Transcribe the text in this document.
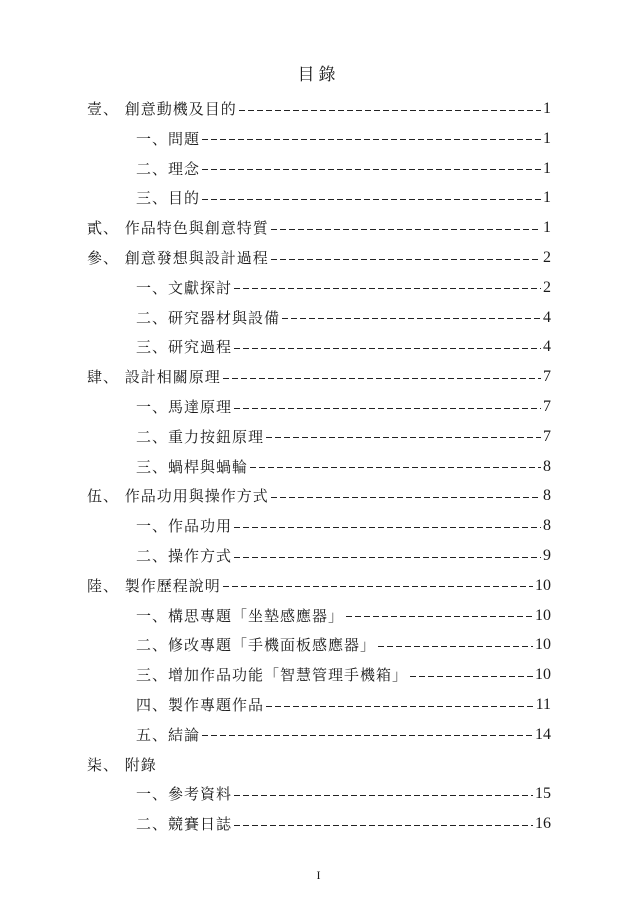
目錄
壹、 創意動機及目的	1
一、問題	1
二、理念	1
三、目的	1
貳、 作品特色與創意特質	1
參、 創意發想與設計過程	2
一、文獻探討	2
二、研究器材與設備	4
三、研究過程	4
肆、 設計相關原理	7
一、馬達原理	7
二、重力按鈕原理	7
三、蝸桿與蝸輪	8
伍、 作品功用與操作方式	8
一、作品功用	8
二、操作方式	9
陸、 製作歷程說明	10
一、構思專題「坐墊感應器」	10
二、修改專題「手機面板感應器」	10
三、增加作品功能「智慧管理手機箱」	10
四、製作專題作品	11
五、結論	14
柒、 附錄
一、參考資料	15
二、競賽日誌	16
I
